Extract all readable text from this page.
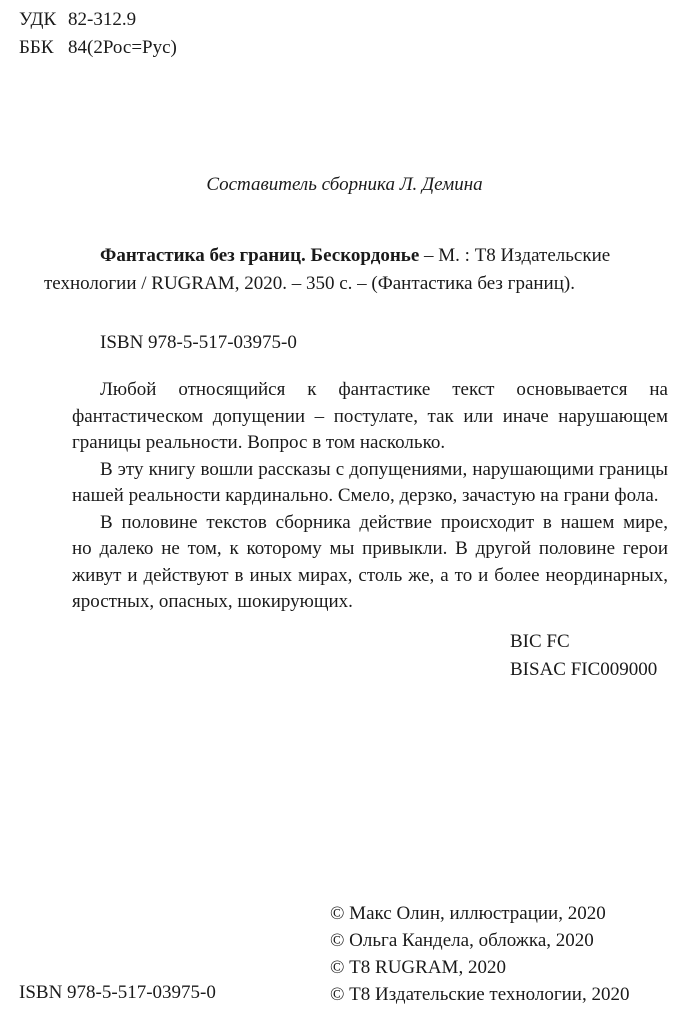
УДК 82-312.9
ББК 84(2Рос=Рус)
Составитель сборника Л. Демина
Фантастика без границ. Бескордонье – М. : Т8 Издательские
технологии / RUGRAM, 2020. – 350 с. – (Фантастика без границ).
ISBN 978-5-517-03975-0
Любой относящийся к фантастике текст основывается на
фантастическом допущении – постулате, так или иначе нарушающем
границы реальности. Вопрос в том насколько.
В эту книгу вошли рассказы с допущениями, нарушающими границы
нашей реальности кардинально. Смело, дерзко, зачастую на грани фола.
В половине текстов сборника действие происходит в нашем мире,
но далеко не том, к которому мы привыкли. В другой половине герои
живут и действуют в иных мирах, столь же, а то и более неординарных,
яростных, опасных, шокирующих.
BIC FC
BISAC FIC009000
© Макс Олин, иллюстрации, 2020
© Ольга Кандела, обложка, 2020
© Т8 RUGRAM, 2020
© Т8 Издательские технологии, 2020
ISBN 978-5-517-03975-0
